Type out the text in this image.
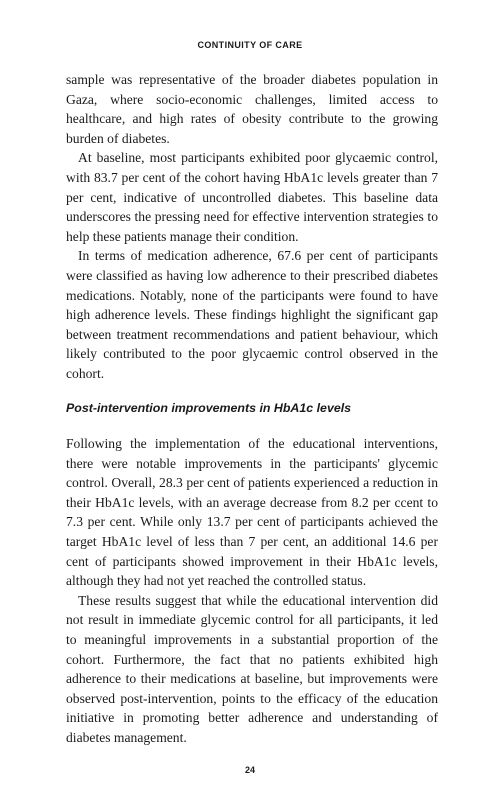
CONTINUITY OF CARE

sample was representative of the broader diabetes population in Gaza, where socio-economic challenges, limited access to healthcare, and high rates of obesity contribute to the growing burden of diabetes.

At baseline, most participants exhibited poor glycaemic control, with 83.7 per cent of the cohort having HbA1c levels greater than 7 per cent, indicative of uncontrolled diabetes. This baseline data underscores the pressing need for effective intervention strategies to help these patients manage their condition.

In terms of medication adherence, 67.6 per cent of participants were classified as having low adherence to their prescribed diabetes medications. Notably, none of the participants were found to have high adherence levels. These findings highlight the significant gap between treatment recommendations and patient behaviour, which likely contributed to the poor glycaemic control observed in the cohort.

Post-intervention improvements in HbA1c levels

Following the implementation of the educational interventions, there were notable improvements in the participants' glycemic control. Overall, 28.3 per cent of patients experienced a reduction in their HbA1c levels, with an average decrease from 8.2 per ccent to 7.3 per cent. While only 13.7 per cent of participants achieved the target HbA1c level of less than 7 per cent, an additional 14.6 per cent of participants showed improvement in their HbA1c levels, although they had not yet reached the controlled status.

These results suggest that while the educational intervention did not result in immediate glycemic control for all participants, it led to meaningful improvements in a substantial proportion of the cohort. Furthermore, the fact that no patients exhibited high adherence to their medications at baseline, but improvements were observed post-intervention, points to the efficacy of the education initiative in promoting better adherence and understanding of diabetes management.

24
